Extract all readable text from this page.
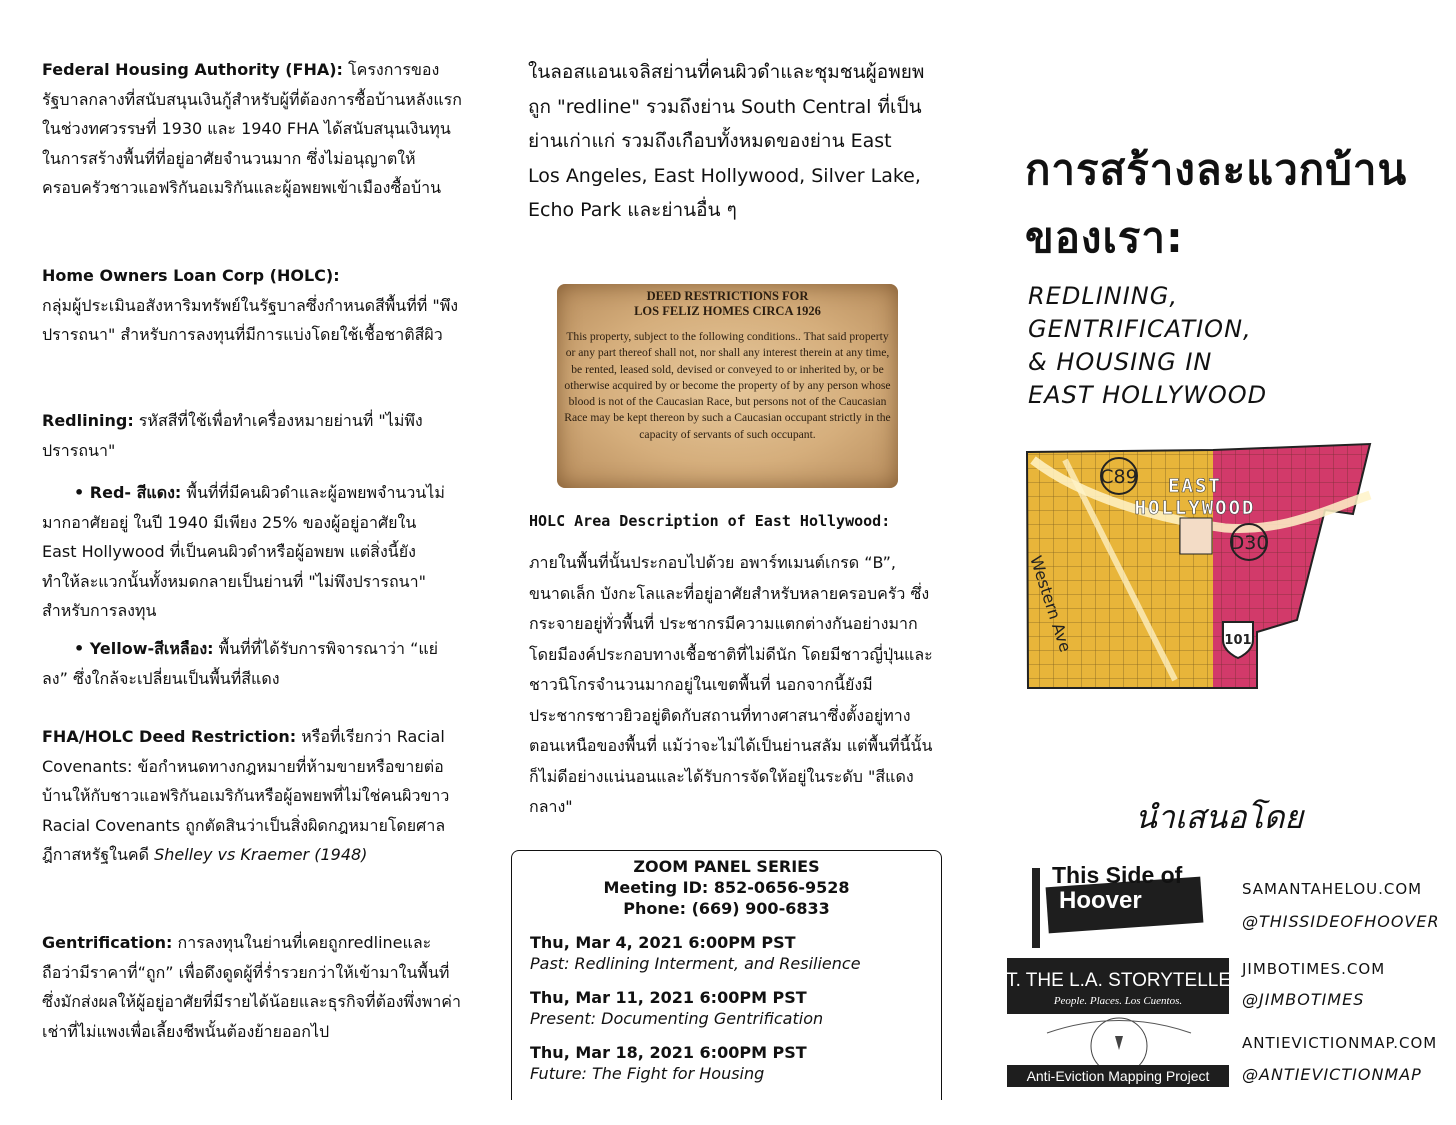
Federal Housing Authority (FHA): โครงการของรัฐบาลกลางที่สนับสนุนเงินกู้สำหรับผู้ที่ต้องการซื้อบ้านหลังแรก ในช่วงทศวรรษที่ 1930 และ 1940 FHA ได้สนับสนุนเงินทุนในการสร้างพื้นที่ที่อยู่อาศัยจำนวนมาก ซึ่งไม่อนุญาตให้ครอบครัวชาวแอฟริกันอเมริกันและผู้อพยพเข้าเมืองซื้อบ้าน
Home Owners Loan Corp (HOLC):
กลุ่มผู้ประเมินอสังหาริมทรัพย์ในรัฐบาลซึ่งกำหนดสีพื้นที่ที่ "พึงปรารถนา" สำหรับการลงทุนที่มีการแบ่งโดยใช้เชื้อชาติสีผิว
Redlining: รหัสสีที่ใช้เพื่อทำเครื่องหมายย่านที่ "ไม่พึงปรารถนา"
• Red- สีแดง: พื้นที่ที่มีคนผิวดำและผู้อพยพจำนวนไม่มากอาศัยอยู่ ในปี 1940 มีเพียง 25% ของผู้อยู่อาศัยใน East Hollywood ที่เป็นคนผิวดำหรือผู้อพยพ แต่สิ่งนี้ยังทำให้ละแวกนั้นทั้งหมดกลายเป็นย่านที่ "ไม่พึงปรารถนา" สำหรับการลงทุน
• Yellow-สีเหลือง: พื้นที่ที่ได้รับการพิจารณาว่า “แย่ลง” ซึ่งใกล้จะเปลี่ยนเป็นพื้นที่สีแดง
FHA/HOLC Deed Restriction: หรือที่เรียกว่า Racial Covenants: ข้อกำหนดทางกฎหมายที่ห้ามขายหรือขายต่อบ้านให้กับชาวแอฟริกันอเมริกันหรือผู้อพยพที่ไม่ใช่คนผิวขาว Racial Covenants ถูกตัดสินว่าเป็นสิ่งผิดกฎหมายโดยศาลฎีกาสหรัฐในคดี Shelley vs Kraemer (1948)
Gentrification: การลงทุนในย่านที่เคยถูกredlineและถือว่ามีราคาที่“ถูก” เพื่อดึงดูดผู้ที่ร่ำรวยกว่าให้เข้ามาในพื้นที่ซึ่งมักส่งผลให้ผู้อยู่อาศัยที่มีรายได้น้อยและธุรกิจที่ต้องพึ่งพาค่าเช่าที่ไม่แพงเพื่อเลี้ยงชีพนั้นต้องย้ายออกไป
ในลอสแอนเจลิสย่านที่คนผิวดำและชุมชนผู้อพยพถูก "redline" รวมถึงย่าน South Central ที่เป็นย่านเก่าแก่ รวมถึงเกือบทั้งหมดของย่าน East Los Angeles, East Hollywood, Silver Lake, Echo Park และย่านอื่น ๆ
DEED RESTRICTIONS FOR
LOS FELIZ HOMES CIRCA 1926
This property, subject to the following conditions.. That said property or any part thereof shall not, nor shall any interest therein at any time, be rented, leased sold, devised or conveyed to or inherited by, or be otherwise acquired by or become the property of by any person whose blood is not of the Caucasian Race, but persons not of the Caucasian Race may be kept thereon by such a Caucasian occupant strictly in the capacity of servants of such occupant.
HOLC Area Description of East Hollywood:
ภายในพื้นที่นั้นประกอบไปด้วย อพาร์ทเมนต์เกรด “B”, ขนาดเล็ก บังกะโลและที่อยู่อาศัยสำหรับหลายครอบครัว ซึ่งกระจายอยู่ทั่วพื้นที่ ประชากรมีความแตกต่างกันอย่างมากโดยมีองค์ประกอบทางเชื้อชาติที่ไม่ดีนัก โดยมีชาวญี่ปุ่นและชาวนิโกรจำนวนมากอยู่ในเขตพื้นที่ นอกจากนี้ยังมีประชากรชาวยิวอยู่ติดกับสถานที่ทางศาสนาซึ่งตั้งอยู่ทางตอนเหนือของพื้นที่ แม้ว่าจะไม่ได้เป็นย่านสลัม แต่พื้นที่นี้นั้นก็ไม่ดีอย่างแน่นอนและได้รับการจัดให้อยู่ในระดับ "สีแดงกลาง"
ZOOM PANEL SERIES
Meeting ID: 852-0656-9528
Phone: (669) 900-6833
Thu, Mar 4, 2021 6:00PM PST
Past: Redlining Interment, and Resilience
Thu, Mar 11, 2021 6:00PM PST
Present: Documenting Gentrification
Thu, Mar 18, 2021 6:00PM PST
Future: The Fight for Housing
การสร้างละแวกบ้าน
ของเรา:
REDLINING,
GENTRIFICATION,
& HOUSING IN
EAST HOLLYWOOD
C89
D30
EAST
HOLLYWOOD
Western Ave	101
นำเสนอโดย
This Side of
Hoover
J.T. THE L.A. STORYTELLER
People. Places. Los Cuentos.
Anti-Eviction Mapping Project
SAMANTAHELOU.COM
@THISSIDEOFHOOVER
JIMBOTIMES.COM
@JIMBOTIMES
ANTIEVICTIONMAP.COM
@ANTIEVICTIONMAP
